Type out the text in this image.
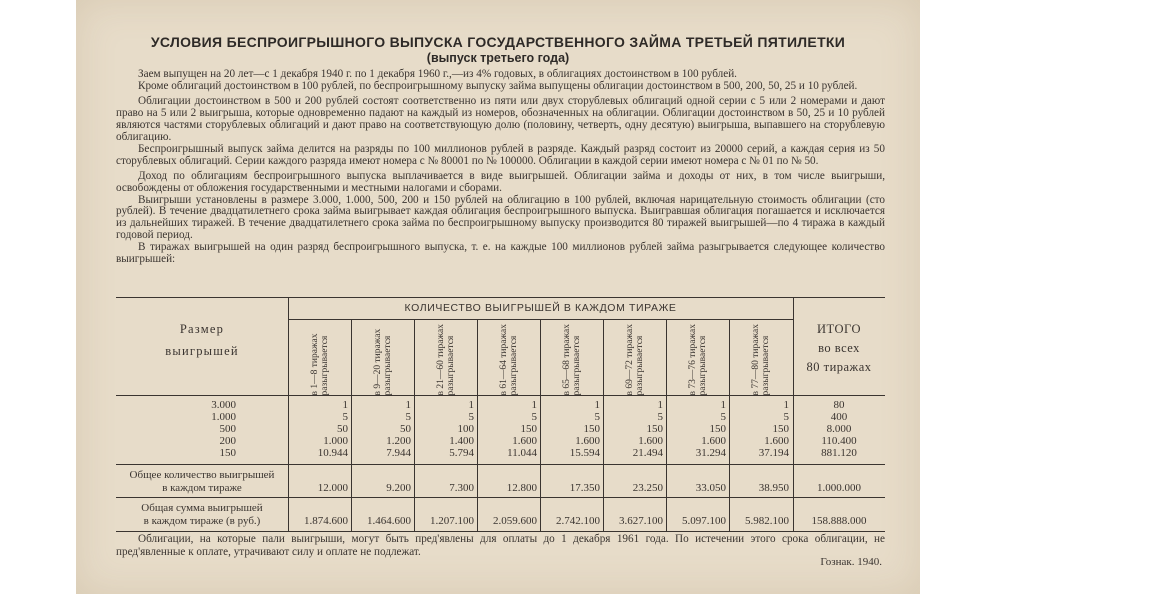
УСЛОВИЯ БЕСПРОИГРЫШНОГО ВЫПУСКА ГОСУДАРСТВЕННОГО ЗАЙМА ТРЕТЬЕЙ ПЯТИЛЕТКИ
(выпуск третьего года)

Заем выпущен на 20 лет—с 1 декабря 1940 г. по 1 декабря 1960 г.,—из 4% годовых, в облигациях достоинством в 100 рублей.

Кроме облигаций достоинством в 100 рублей, по беспроигрышному выпуску займа выпущены облигации достоинством в 500, 200, 50, 25 и 10 рублей.

Облигации достоинством в 500 и 200 рублей состоят соответственно из пяти или двух сторублевых облигаций одной серии с 5 или 2 номерами и дают право на 5 или 2 выигрыша, которые одновременно падают на каждый из номеров, обозначенных на облигации. Облигации достоинством в 50, 25 и 10 рублей являются частями сторублевых облигаций и дают право на соответствующую долю (половину, четверть, одну десятую) выигрыша, выпавшего на сторублевую облигацию.

Беспроигрышный выпуск займа делится на разряды по 100 миллионов рублей в разряде. Каждый разряд состоит из 20000 серий, а каждая серия из 50 сторублевых облигаций. Серии каждого разряда имеют номера с № 80001 по № 100000. Облигации в каждой серии имеют номера с № 01 по № 50.

Доход по облигациям беспроигрышного выпуска выплачивается в виде выигрышей. Облигации займа и доходы от них, в том числе выигрыши, освобождены от обложения государственными и местными налогами и сборами.

Выигрыши установлены в размере 3.000, 1.000, 500, 200 и 150 рублей на облигацию в 100 рублей, включая нарицательную стоимость облигации (сто рублей). В течение двадцатилетнего срока займа выигрывает каждая облигация беспроигрышного выпуска. Выигравшая облигация погашается и исключается из дальнейших тиражей. В течение двадцатилетнего срока займа по беспроигрышному выпуску производится 80 тиражей выигрышей—по 4 тиража в каждый годовой период.

В тиражах выигрышей на один разряд беспроигрышного выпуска, т. е. на каждые 100 миллионов рублей займа разыгрывается следующее количество выигрышей:

Размер
выигрышей
КОЛИЧЕСТВО ВЫИГРЫШЕЙ В КАЖДОМ ТИРАЖЕ
ИТОГО
во всех
80 тиражах
в 1—8 тиражах разыгрывается	в 9—20 тиражах разыгрывается	в 21—60 тиражах разыгрывается	в 61—64 тиражах разыгрывается	в 65—68 тиражах разыгрывается	в 69—72 тиражах разыгрывается	в 73—76 тиражах разыгрывается	в 77—80 тиражах разыгрывается
3.000	1	1	1	1	1	1	1	1	80
1.000	5	5	5	5	5	5	5	5	400
500	50	50	100	150	150	150	150	150	8.000
200	1.000	1.200	1.400	1.600	1.600	1.600	1.600	1.600	110.400
150	10.944	7.944	5.794	11.044	15.594	21.494	31.294	37.194	881.120
Общее количество выигрышей
в каждом тираже	12.000	9.200	7.300	12.800	17.350	23.250	33.050	38.950	1.000.000
Общая сумма выигрышей
в каждом тираже (в руб.)	1.874.600	1.464.600	1.207.100	2.059.600	2.742.100	3.627.100	5.097.100	5.982.100	158.888.000

Облигации, на которые пали выигрыши, могут быть пред'явлены для оплаты до 1 декабря 1961 года. По истечении этого срока облигации, не пред'явленные к оплате, утрачивают силу и оплате не подлежат.

Гознак. 1940.
